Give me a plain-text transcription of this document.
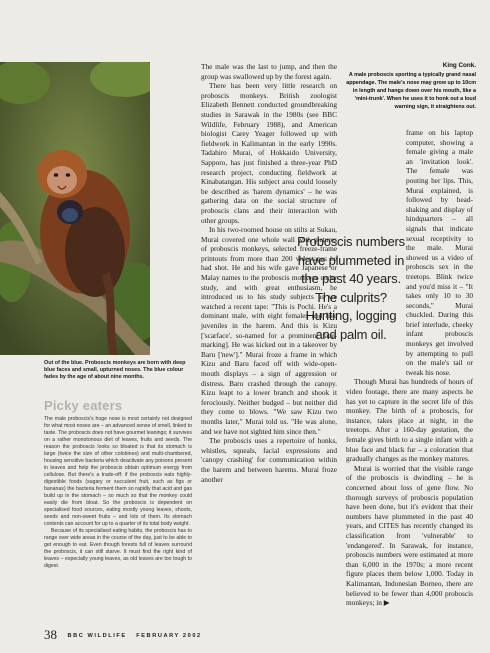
Out of the blue. Proboscis monkeys are born with deep blue faces and small, upturned noses. The blue colour fades by the age of about nine months.
Picky eaters

The male proboscis's huge nose is most certainly not designed for what most noses are – an advanced sense of smell, linked to taste. The proboscis does not have gourmet leanings; it survives on a rather monotonous diet of leaves, fruits and seeds. The reason the proboscis looks so bloated is that its stomach is large (twice the size of other colobines) and multi-chambered, housing sensitive bacteria which deactivate any poisons present in leaves and help the proboscis obtain optimum energy from cellulose. But there's a trade-off: if the proboscis eats highly-digestible foods (sugary or succulent fruit, such as figs or bananas) the bacteria ferment them so rapidly that acid and gas build up in the stomach – so much so that the monkey could easily die from bloat. So the proboscis is dependent on specialised food sources, eating mostly young leaves, shoots, seeds and non-sweet fruits – and lots of them. Its stomach contents can account for up to a quarter of its total body weight.

Because of its specialised eating habits, the proboscis has to range over wide areas in the course of the day, just to be able to get enough to eat. Even though forests full of leaves surround the proboscis, it can still starve. It must find the right kind of leaves – especially young leaves, as old leaves are too tough to digest.

The male was the last to jump, and then the group was swallowed up by the forest again.

There has been very little research on proboscis monkeys. British zoologist Elizabeth Bennett conducted groundbreaking studies in Sarawak in the 1980s (see BBC Wildlife, February 1988), and American biologist Carey Yeager followed up with fieldwork in Kalimantan in the early 1990s. Tadahiro Murai, of Hokkaido University, Sapporo, has just finished a three-year PhD research project, conducting fieldwork at Kinabatangan. His subject area could loosely be described as 'harem dynamics' – he was gathering data on the social structure of proboscis clans and their interaction with other groups.

In his two-roomed house on stilts at Sukau, Murai covered one whole wall with pictures of proboscis monkeys, selected freeze-frame printouts from more than 200 videotapes he had shot. He and his wife gave Japanese or Malay names to the proboscis monkeys under study, and with great enthusiasm, he introduced us to his study subjects as we watched a recent tape: "This is Pochi. He's a dominant male, with eight females and five juveniles in the harem. And this is Kizu ['scarface', so-named for a prominent face-marking]. He was kicked out in a takeover by Baru ['new']." Murai froze a frame in which Kizu and Baru faced off with wide-open-mouth displays – a sign of aggression or distress. Baru crashed through the canopy. Kizu leapt to a lower branch and shook it ferociously. Neither budged – but neither did they come to blows. "We saw Kizu two months later," Murai told us. "He was alone, and we have not sighted him since then."

The proboscis uses a repertoire of honks, whistles, squeals, facial expressions and 'canopy crashing' for communication within the harem and between harems. Murai froze another

King Conk.
A male proboscis sporting a typically grand nasal appendage. The male's nose may grow up to 10cm in length and hangs down over his mouth, like a 'mini-trunk'. When he uses it to honk out a loud warning sign, it straightens out.

frame on his laptop computer, showing a female giving a male an 'invitation look'. The female was pouting her lips. This, Murai explained, is followed by head-shaking and display of hindquarters – all signals that indicate sexual receptivity to the male. Murai showed us a video of proboscis sex in the treetops. Blink twice and you'd miss it – "It takes only 10 to 30 seconds," Murai chuckled. During this brief interlude, cheeky infant proboscis monkeys get involved by attempting to pull on the male's tail or tweak his nose.

Though Murai has hundreds of hours of video footage, there are many aspects he has yet to capture in the secret life of this monkey. The birth of a proboscis, for instance, takes place at night, in the treetops. After a 160-day gestation, the female gives birth to a single infant with a blue face and black fur – a coloration that gradually changes as the monkey matures.

Murai is worried that the visible range of the proboscis is dwindling – he is concerned about loss of gene flow. No thorough surveys of proboscis population have been done, but it's evident that their numbers have plummeted in the past 40 years, and CITES has recently changed its classification from 'vulnerable' to 'endangered'. In Sarawak, for instance, proboscis numbers were estimated at more than 6,000 in the 1970s; a more recent figure places them below 1,000. Today in Kalimantan, Indonesian Borneo, there are believed to be fewer than 4,000 proboscis monkeys; in ▶

Proboscis numbers have plummeted in the past 40 years. The culprits? Hunting, logging and palm oil.
38 BBC WILDLIFE FEBRUARY 2002
